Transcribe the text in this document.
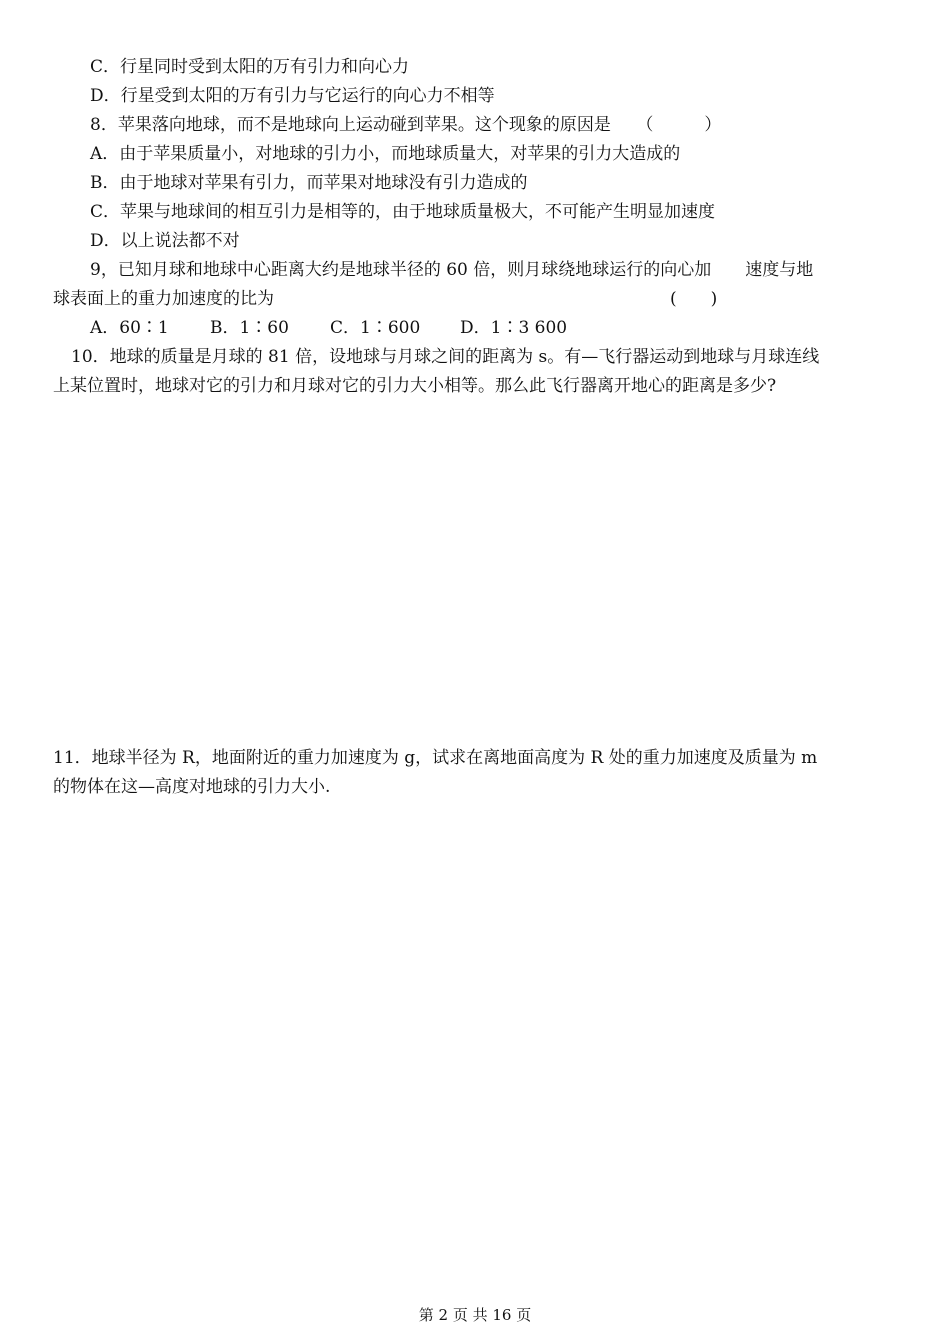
C．行星同时受到太阳的万有引力和向心力
D．行星受到太阳的万有引力与它运行的向心力不相等
8．苹果落向地球，而不是地球向上运动碰到苹果。这个现象的原因是　　（　　　）
A．由于苹果质量小，对地球的引力小，而地球质量大，对苹果的引力大造成的
B．由于地球对苹果有引力，而苹果对地球没有引力造成的
C．苹果与地球间的相互引力是相等的，由于地球质量极大，不可能产生明显加速度
D．以上说法都不对
9，已知月球和地球中心距离大约是地球半径的 60 倍，则月球绕地球运行的向心加　　速度与地
球表面上的重力加速度的比为	(　　)
A．60∶1 B．1∶60 C．1∶600 D．1∶3 600
10．地球的质量是月球的 81 倍，设地球与月球之间的距离为 s。有—飞行器运动到地球与月球连线
上某位置时，地球对它的引力和月球对它的引力大小相等。那么此飞行器离开地心的距离是多少?
11．地球半径为 R，地面附近的重力加速度为 g，试求在离地面高度为 R 处的重力加速度及质量为 m
的物体在这—高度对地球的引力大小.
第 2 页 共 16 页
